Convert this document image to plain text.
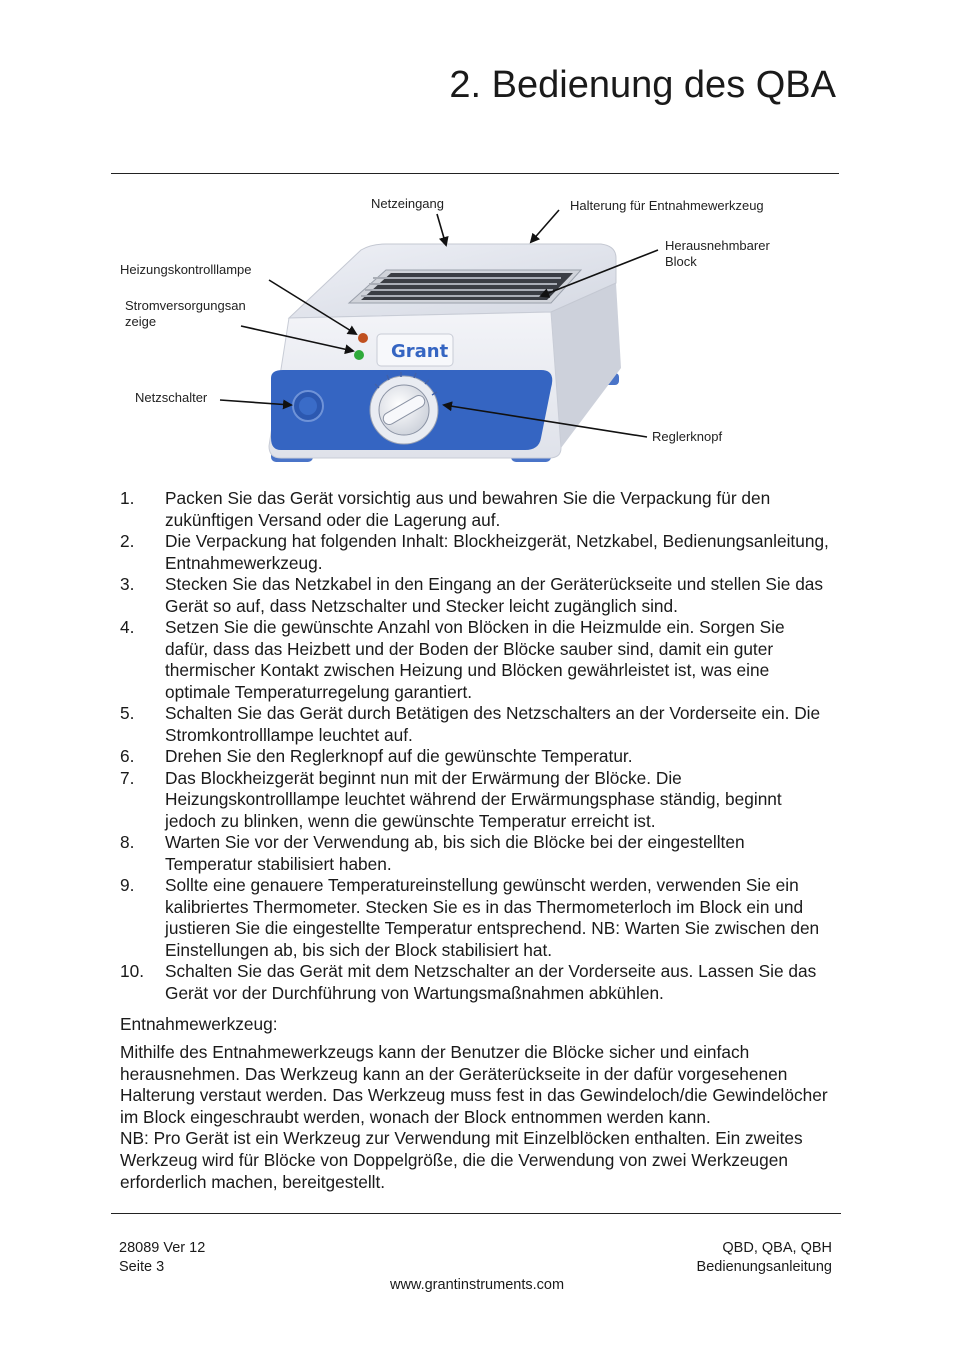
2. Bedienung des QBA
Grant
Netzeingang	Halterung für Entnahmewerkzeug
Herausnehmbarer
Block
Heizungskontrolllampe
Stromversorgungsan
zeige
Netzschalter
Reglerknopf
1. Packen Sie das Gerät vorsichtig aus und bewahren Sie die Verpackung für den zukünftigen Versand oder die Lagerung auf.
2. Die Verpackung hat folgenden Inhalt: Blockheizgerät, Netzkabel, Bedienungsanleitung, Entnahmewerkzeug.
3. Stecken Sie das Netzkabel in den Eingang an der Geräterückseite und stellen Sie das Gerät so auf, dass Netzschalter und Stecker leicht zugänglich sind.
4. Setzen Sie die gewünschte Anzahl von Blöcken in die Heizmulde ein. Sorgen Sie dafür, dass das Heizbett und der Boden der Blöcke sauber sind, damit ein guter thermischer Kontakt zwischen Heizung und Blöcken gewährleistet ist, was eine optimale Temperaturregelung garantiert.
5. Schalten Sie das Gerät durch Betätigen des Netzschalters an der Vorderseite ein. Die Stromkontrolllampe leuchtet auf.
6. Drehen Sie den Reglerknopf auf die gewünschte Temperatur.
7. Das Blockheizgerät beginnt nun mit der Erwärmung der Blöcke. Die Heizungskontrolllampe leuchtet während der Erwärmungsphase ständig, beginnt jedoch zu blinken, wenn die gewünschte Temperatur erreicht ist.
8. Warten Sie vor der Verwendung ab, bis sich die Blöcke bei der eingestellten Temperatur stabilisiert haben.
9. Sollte eine genauere Temperatureinstellung gewünscht werden, verwenden Sie ein kalibriertes Thermometer. Stecken Sie es in das Thermometerloch im Block ein und justieren Sie die eingestellte Temperatur entsprechend. NB: Warten Sie zwischen den Einstellungen ab, bis sich der Block stabilisiert hat.
10. Schalten Sie das Gerät mit dem Netzschalter an der Vorderseite aus. Lassen Sie das Gerät vor der Durchführung von Wartungsmaßnahmen abkühlen.
Entnahmewerkzeug:
Mithilfe des Entnahmewerkzeugs kann der Benutzer die Blöcke sicher und einfach herausnehmen. Das Werkzeug kann an der Geräterückseite in der dafür vorgesehenen Halterung verstaut werden. Das Werkzeug muss fest in das Gewindeloch/die Gewindelöcher im Block eingeschraubt werden, wonach der Block entnommen werden kann.
NB: Pro Gerät ist ein Werkzeug zur Verwendung mit Einzelblöcken enthalten. Ein zweites Werkzeug wird für Blöcke von Doppelgröße, die die Verwendung von zwei Werkzeugen erforderlich machen, bereitgestellt.
28089 Ver 12
Seite 3
QBD, QBA, QBH
Bedienungsanleitung
www.grantinstruments.com
